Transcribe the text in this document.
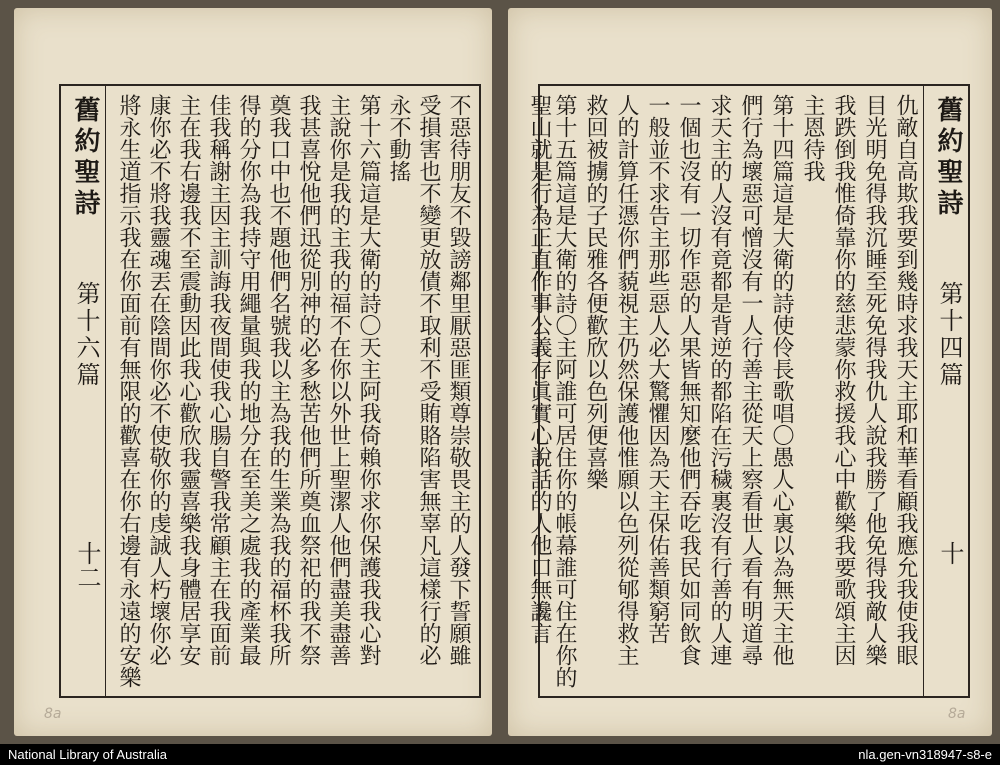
舊約聖詩
第十六篇
十二	不惡待朋友不毀謗鄰里厭惡匪類尊崇敬畏主的人發下誓願雖
受損害也不變更放債不取利不受賄賂陷害無辜凡這樣行的必
永不動搖
第十六篇這是大衛的詩〇天主阿我倚賴你求你保護我我心對
主說你是我的主我的福不在你以外世上聖潔人他們盡美盡善
我甚喜悅他們迅從別神的必多愁苦他們所奠血祭祀的我不祭
奠我口中也不題他們名號我以主為我的生業為我的福杯我所
得的分你為我持守用繩量與我的地分在至美之處我的產業最
佳我稱謝主因主訓誨我夜間使我心腸自警我常顧主在我面前
主在我右邊我不至震動因此我心歡欣我靈喜樂我身體居享安
康你必不將我靈魂丟在陰間你必不使敬你的虔誠人朽壞你必
將永生道指示我在你面前有無限的歡喜在你右邊有永遠的安樂
8a
舊約聖詩
第十四篇
十
仇敵自高欺我要到幾時求我天主耶和華看顧我應允我使我眼
目光明免得我沉睡至死免得我仇人說我勝了他免得我敵人樂
我跌倒我惟倚靠你的慈悲蒙你救援我心中歡樂我要歌頌主因
主恩待我
第十四篇這是大衛的詩使伶長歌唱〇愚人心裏以為無天主他
們行為壞惡可憎沒有一人行善主從天上察看世人看有明道尋
求天主的人沒有竟都是背逆的都陷在污穢裏沒有行善的人連
一個也沒有一切作惡的人果皆無知麼他們吞吃我民如同飲食
一般並不求告主那些惡人必大驚懼因為天主保佑善類窮苦
人的計算任憑你們藐視主仍然保護他惟願以色列從郇得救主
救回被擄的子民雅各便歡欣以色列便喜樂
第十五篇這是大衛的詩〇主阿誰可居住你的帳幕誰可住在你的聖山就是行為正直作事公義存眞實心說話的人他口無讒言
8a
National Library of Australia	nla.gen-vn318947-s8-e
